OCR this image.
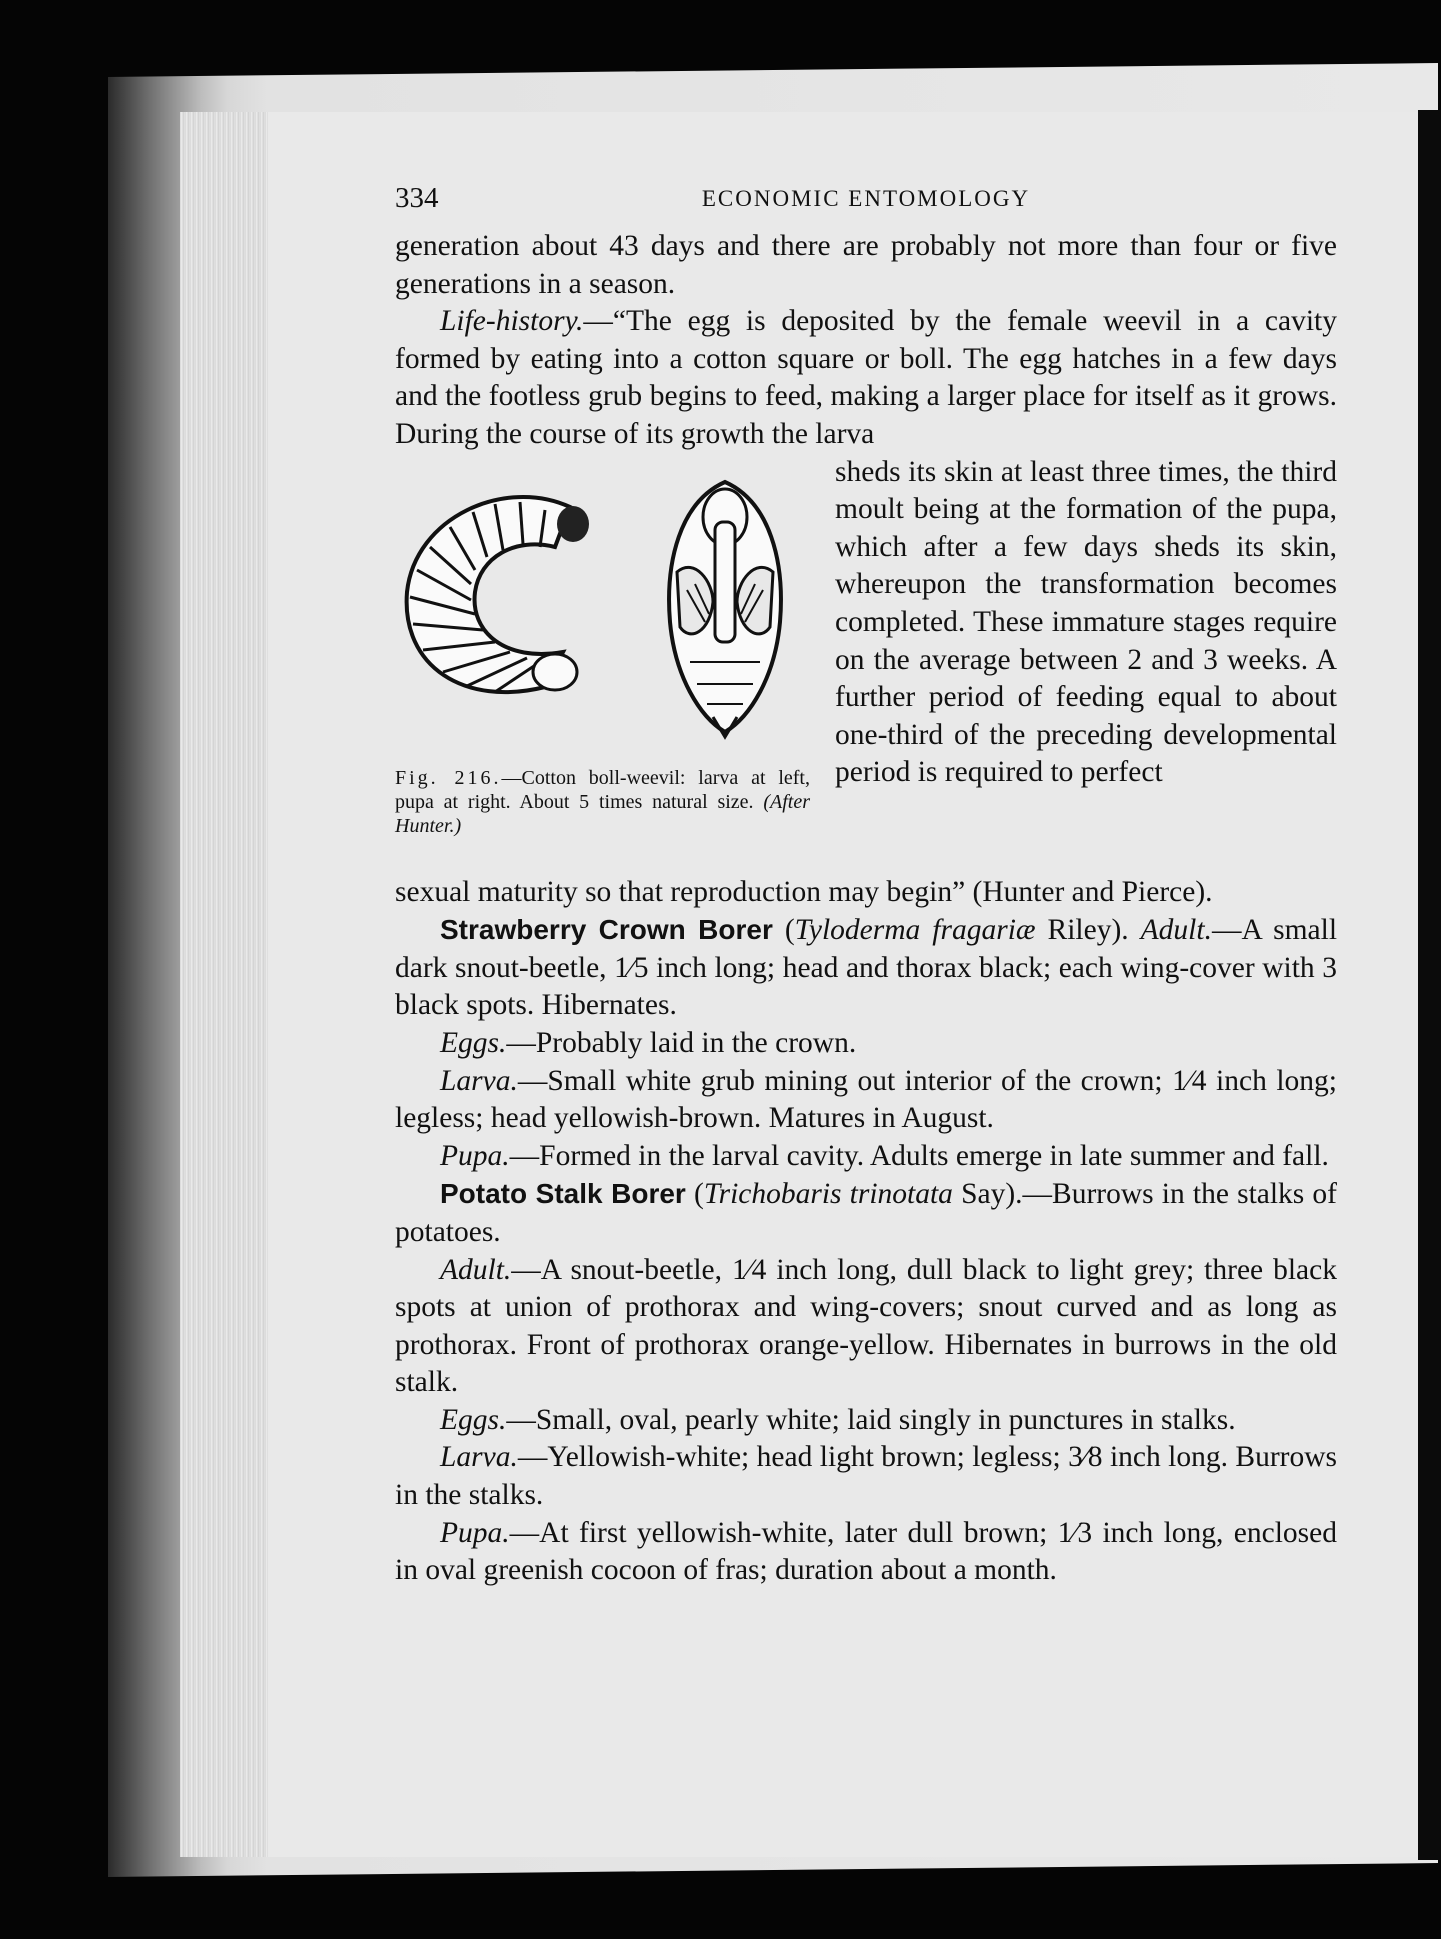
334	ECONOMIC ENTOMOLOGY

generation about 43 days and there are probably not more than four or five generations in a season.

Life-history.—“The egg is deposited by the female weevil in a cavity formed by eating into a cotton square or boll. The egg hatches in a few days and the footless grub begins to feed, making a larger place for itself as it grows. During the course of its growth the larva

Fig. 216.—Cotton boll-weevil: larva at left, pupa at right. About 5 times natural size. (After Hunter.)

sheds its skin at least three times, the third moult being at the formation of the pupa, which after a few days sheds its skin, whereupon the transformation becomes completed. These immature stages require on the average between 2 and 3 weeks. A further period of feeding equal to about one-third of the preceding developmental period is required to perfect

sexual maturity so that reproduction may begin” (Hunter and Pierce).

Strawberry Crown Borer (Tyloderma fragariæ Riley). Adult.—A small dark snout-beetle, 1⁄5 inch long; head and thorax black; each wing-cover with 3 black spots. Hibernates.

Eggs.—Probably laid in the crown.

Larva.—Small white grub mining out interior of the crown; 1⁄4 inch long; legless; head yellowish-brown. Matures in August.

Pupa.—Formed in the larval cavity. Adults emerge in late summer and fall.

Potato Stalk Borer (Trichobaris trinotata Say).—Burrows in the stalks of potatoes.

Adult.—A snout-beetle, 1⁄4 inch long, dull black to light grey; three black spots at union of prothorax and wing-covers; snout curved and as long as prothorax. Front of prothorax orange-yellow. Hibernates in burrows in the old stalk.

Eggs.—Small, oval, pearly white; laid singly in punctures in stalks.

Larva.—Yellowish-white; head light brown; legless; 3⁄8 inch long. Burrows in the stalks.

Pupa.—At first yellowish-white, later dull brown; 1⁄3 inch long, enclosed in oval greenish cocoon of fras; duration about a month.
